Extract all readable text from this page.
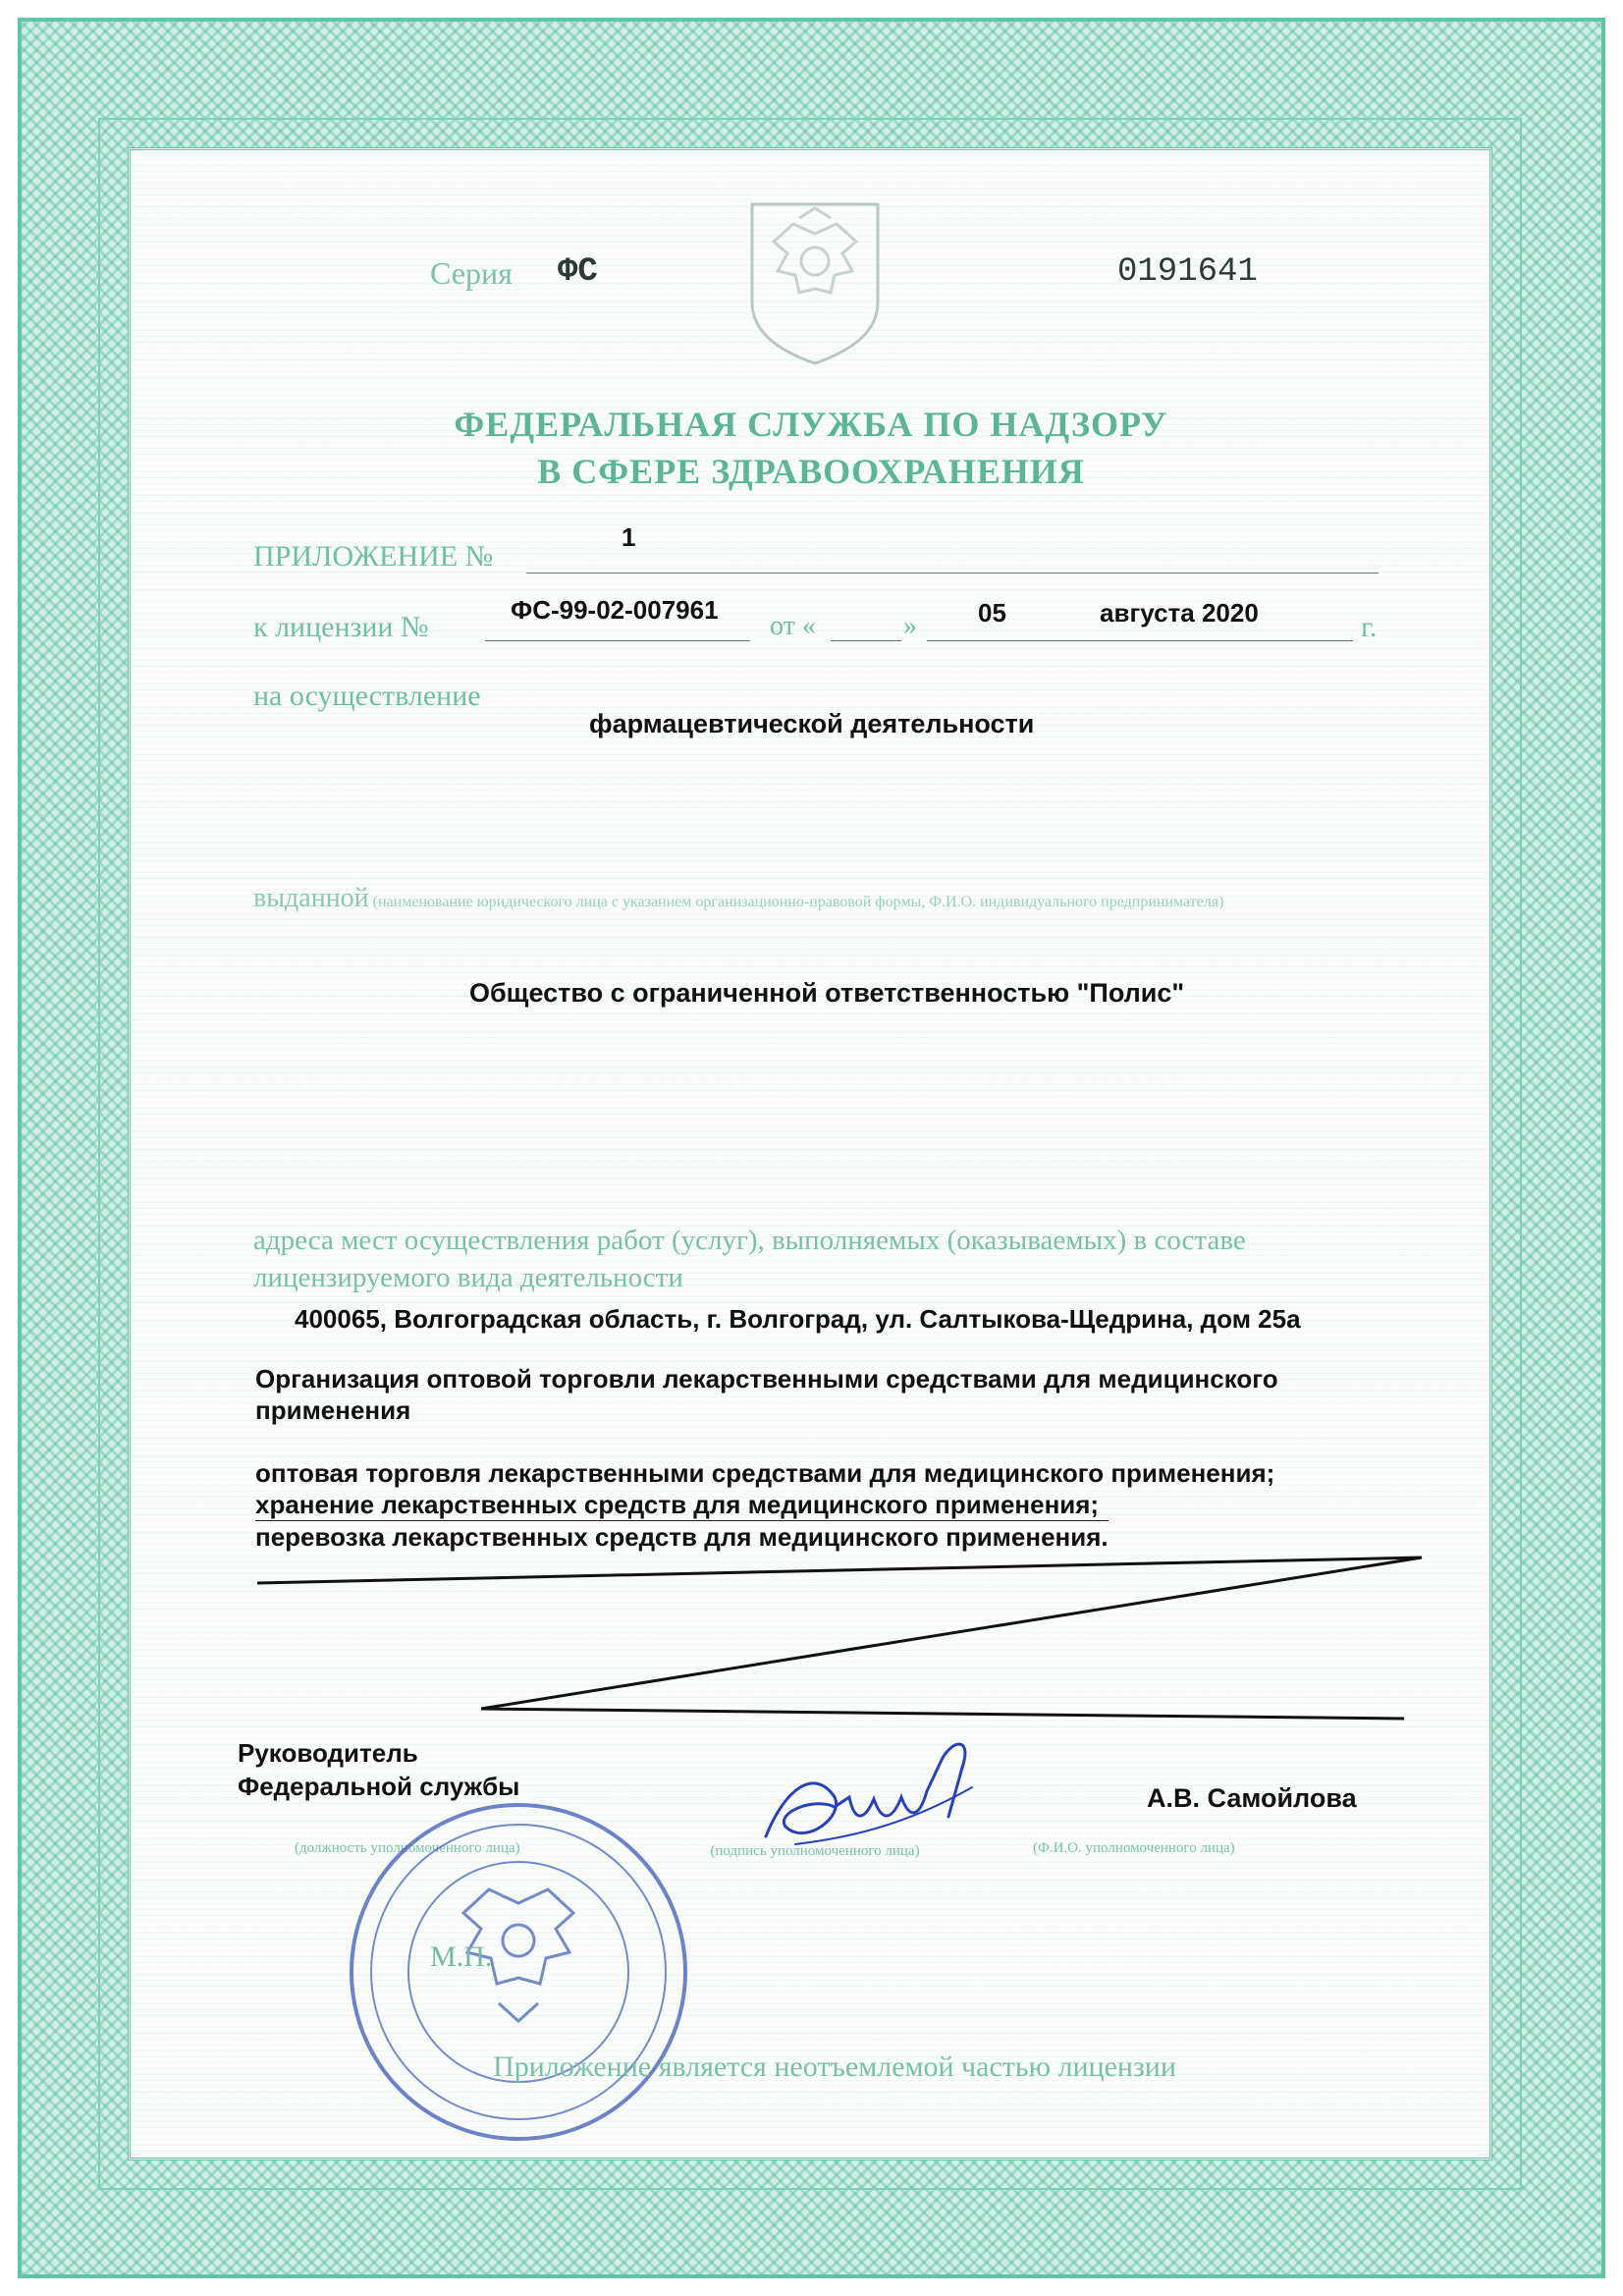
Серия ФС	0191641
ФЕДЕРАЛЬНАЯ СЛУЖБА ПО НАДЗОРУ
В СФЕРЕ ЗДРАВООХРАНЕНИЯ
ПРИЛОЖЕНИЕ №
1
к лицензии №
ФС-99-02-007961
от «	» 05	августа 2020	г.
на осуществление
фармацевтической деятельности
выданной (наименование юридического лица с указанием организационно-правовой формы, Ф.И.О. индивидуального предпринимателя)
Общество с ограниченной ответственностью "Полис"
адреса мест осуществления работ (услуг), выполняемых (оказываемых) в составе
лицензируемого вида деятельности
400065, Волгоградская область, г. Волгоград, ул. Салтыкова-Щедрина, дом 25а
Организация оптовой торговли лекарственными средствами для медицинского
применения
оптовая торговля лекарственными средствами для медицинского применения;
хранение лекарственных средств для медицинского применения;
перевозка лекарственных средств для медицинского применения.
Руководитель
Федеральной службы	А.В. Самойлова
(должность уполномоченного лица)	(подпись уполномоченного лица)	(Ф.И.О. уполномоченного лица)
М.П.
Приложение является неотъемлемой частью лицензии
